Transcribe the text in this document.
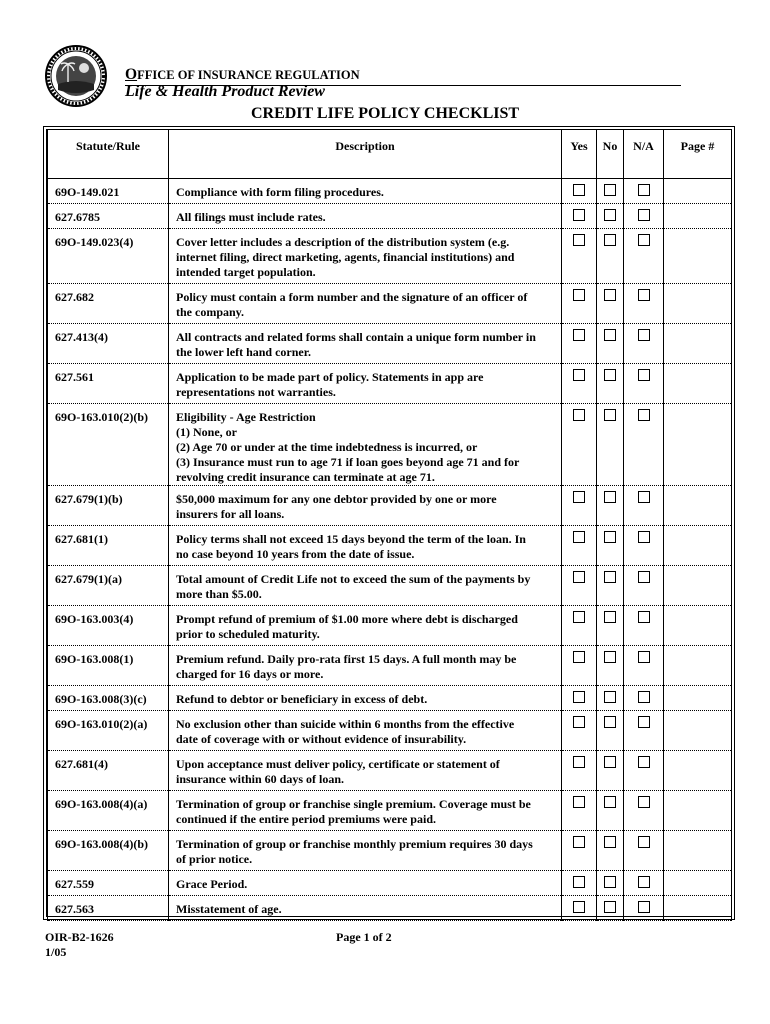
OFFICE OF INSURANCE REGULATION
Life & Health Product Review
CREDIT LIFE POLICY CHECKLIST
Statute/Rule	Description	Yes	No	N/A	Page #
69O-149.021	Compliance with form filing procedures.				

627.6785	All filings must include rates.				

69O-149.023(4)	Cover letter includes a description of the distribution system (e.g.
internet filing, direct marketing, agents, financial institutions) and
intended target population.				

627.682	Policy must contain a form number and the signature of an officer of
the company.				

627.413(4)	All contracts and related forms shall contain a unique form number in
the lower left hand corner.				

627.561	Application to be made part of policy. Statements in app are
representations not warranties.				

69O-163.010(2)(b)	Eligibility - Age Restriction
(1) None, or
(2) Age 70 or under at the time indebtedness is incurred, or
(3) Insurance must run to age 71 if loan goes beyond age 71 and for
revolving credit insurance can terminate at age 71.				

627.679(1)(b)	$50,000 maximum for any one debtor provided by one or more
insurers for all loans.				

627.681(1)	Policy terms shall not exceed 15 days beyond the term of the loan. In
no case beyond 10 years from the date of issue.				

627.679(1)(a)	Total amount of Credit Life not to exceed the sum of the payments by
more than $5.00.				

69O-163.003(4)	Prompt refund of premium of $1.00 more where debt is discharged
prior to scheduled maturity.				

69O-163.008(1)	Premium refund. Daily pro-rata first 15 days. A full month may be
charged for 16 days or more.				

69O-163.008(3)(c)	Refund to debtor or beneficiary in excess of debt.				

69O-163.010(2)(a)	No exclusion other than suicide within 6 months from the effective
date of coverage with or without evidence of insurability.				

627.681(4)	Upon acceptance must deliver policy, certificate or statement of
insurance within 60 days of loan.				

69O-163.008(4)(a)	Termination of group or franchise single premium. Coverage must be
continued if the entire period premiums were paid.				

69O-163.008(4)(b)	Termination of group or franchise monthly premium requires 30 days
of prior notice.				

627.559	Grace Period.				

627.563	Misstatement of age.				

OIR-B2-1626
1/05
Page 1 of 2
